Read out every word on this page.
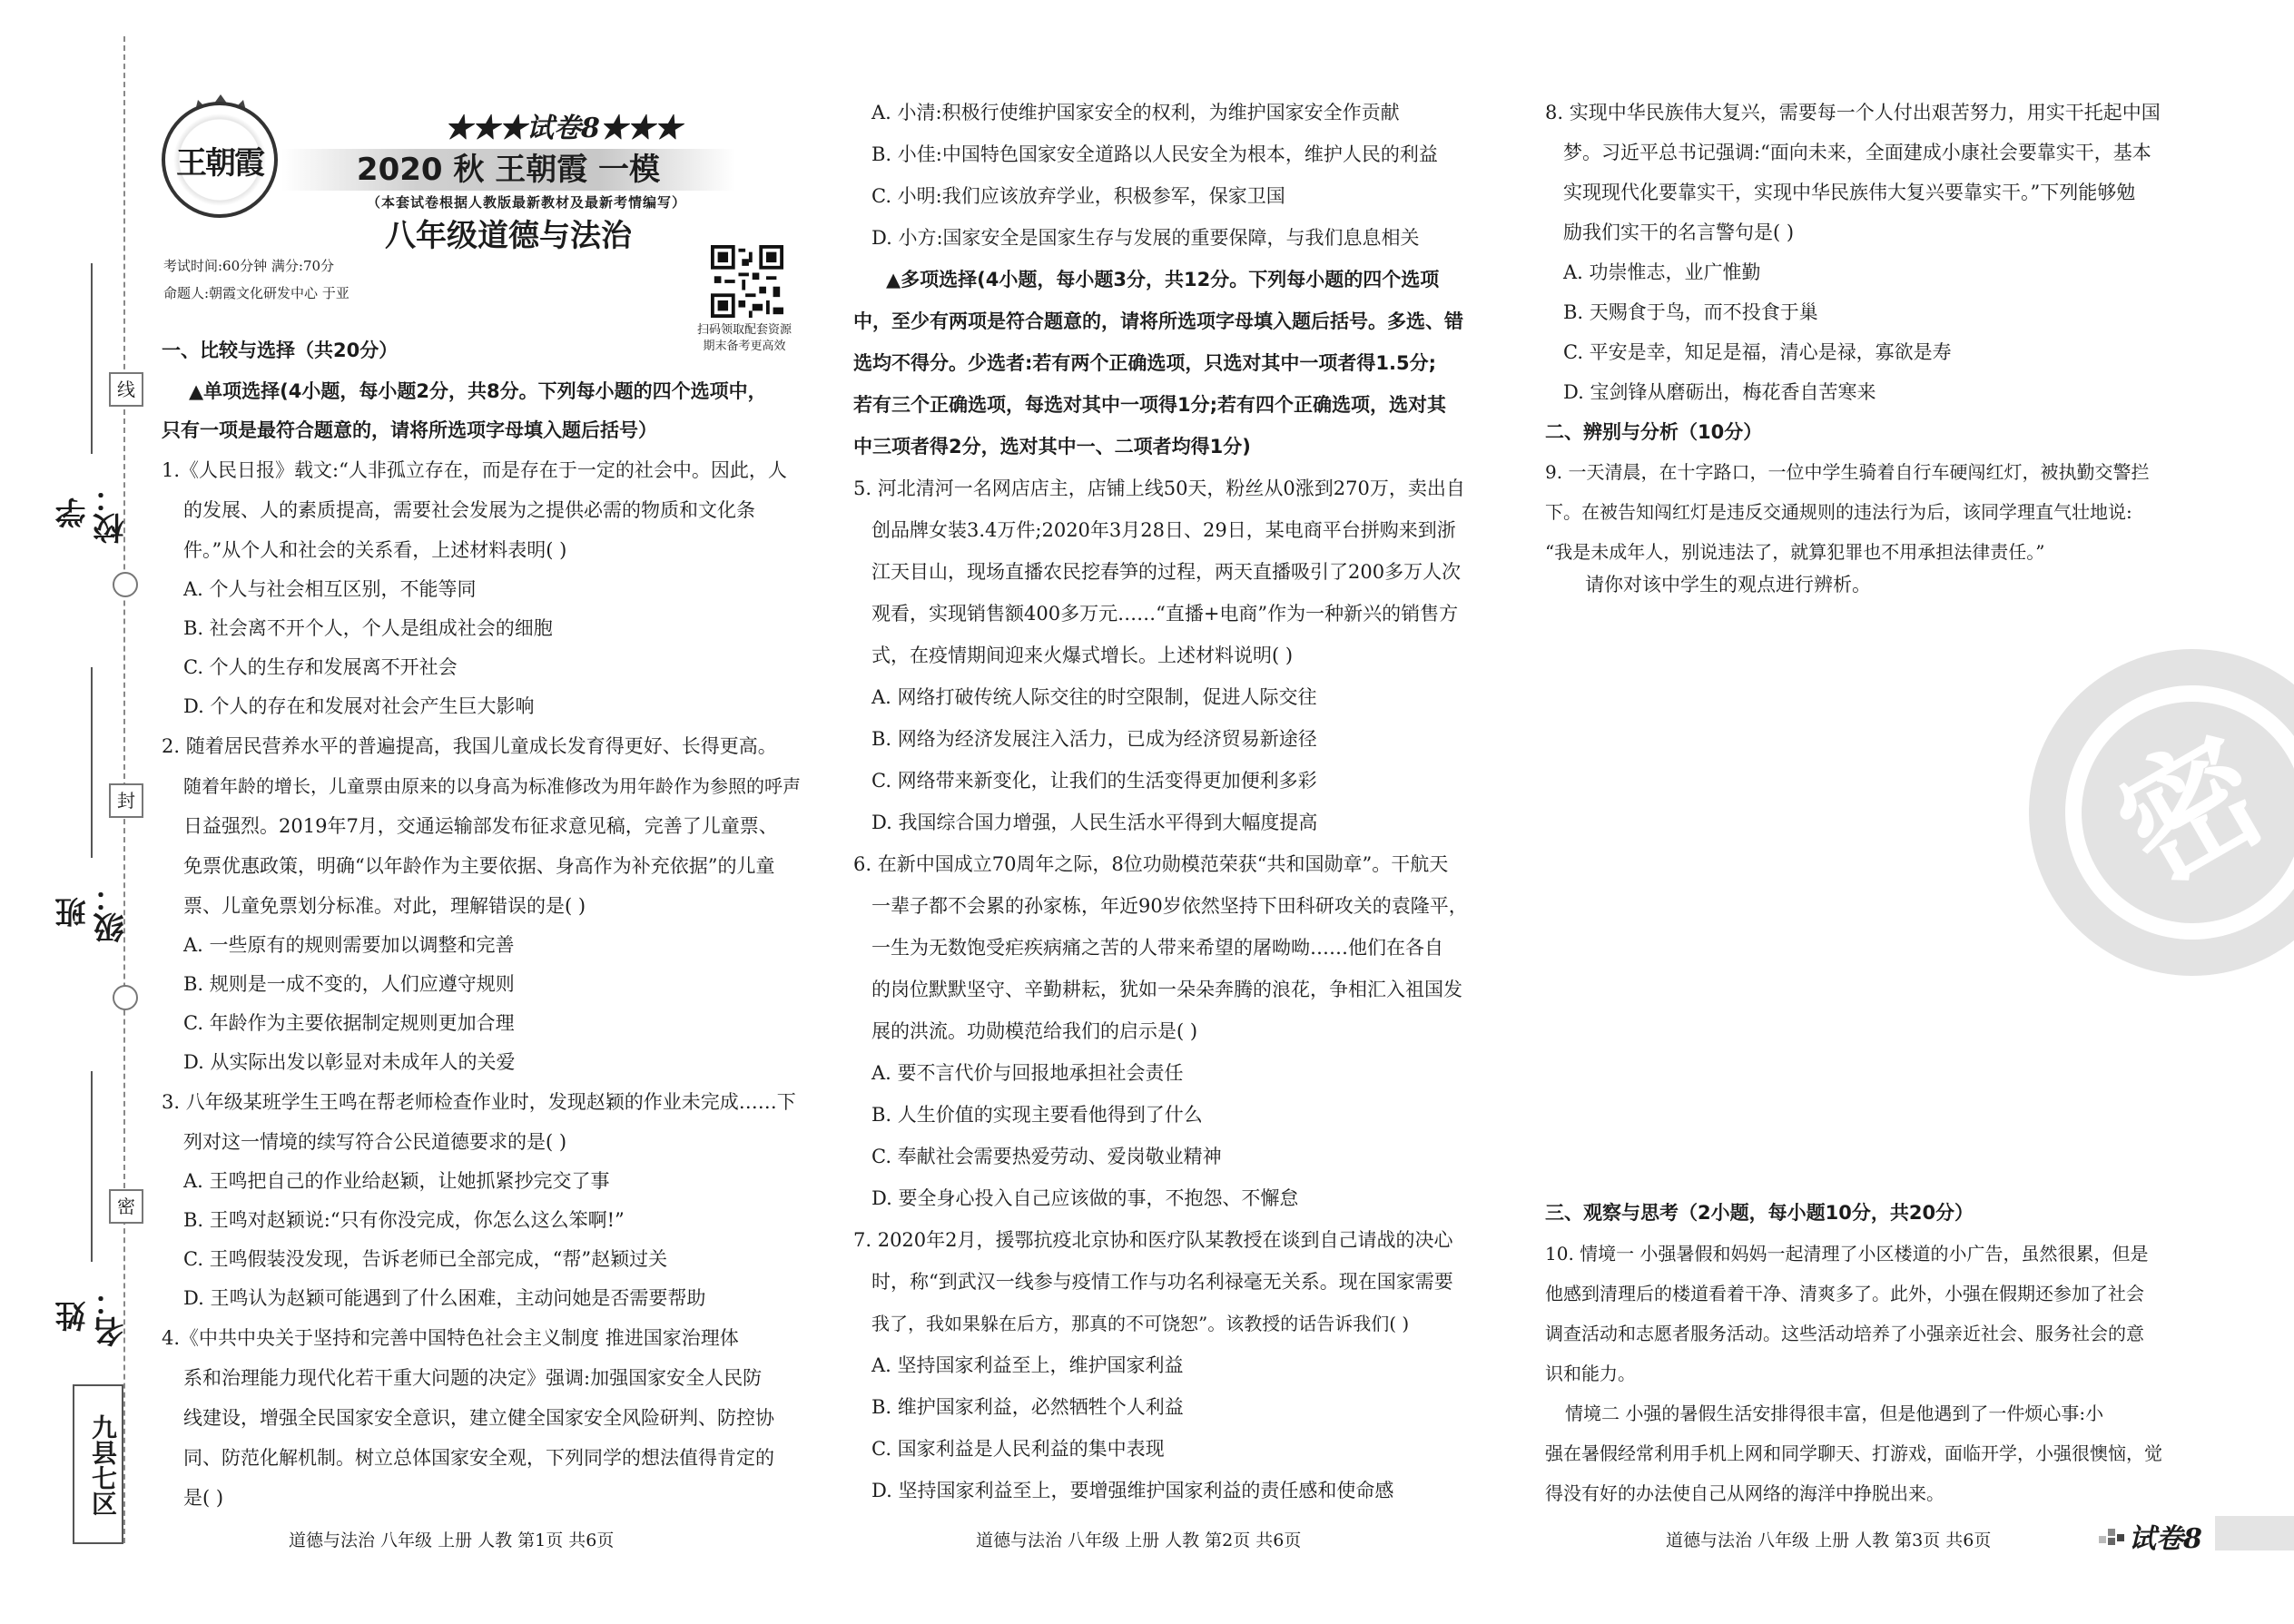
线
封
密
学校：
班级：
姓名：
九县七区
王朝霞
★★★试卷8★★★
2020 秋 王朝霞 一模
（本套试卷根据人教版最新教材及最新考情编写）
八年级道德与法治
考试时间:60分钟 满分:70分
命题人:朝霞文化研发中心 于亚
扫码领取配套资源
期末备考更高效
一、比较与选择（共20分）
▲单项选择(4小题，每小题2分，共8分。下列每小题的四个选项中，
只有一项是最符合题意的，请将所选项字母填入题后括号）
1.《人民日报》载文:“人非孤立存在，而是存在于一定的社会中。因此，人
的发展、人的素质提高，需要社会发展为之提供必需的物质和文化条
件。”从个人和社会的关系看，上述材料表明( )
A. 个人与社会相互区别，不能等同
B. 社会离不开个人，个人是组成社会的细胞
C. 个人的生存和发展离不开社会
D. 个人的存在和发展对社会产生巨大影响
2. 随着居民营养水平的普遍提高，我国儿童成长发育得更好、长得更高。
随着年龄的增长，儿童票由原来的以身高为标准修改为用年龄作为参照的呼声
日益强烈。2019年7月，交通运输部发布征求意见稿，完善了儿童票、
免票优惠政策，明确“以年龄作为主要依据、身高作为补充依据”的儿童
票、儿童免票划分标准。对此，理解错误的是( )
A. 一些原有的规则需要加以调整和完善
B. 规则是一成不变的，人们应遵守规则
C. 年龄作为主要依据制定规则更加合理
D. 从实际出发以彰显对未成年人的关爱
3. 八年级某班学生王鸣在帮老师检查作业时，发现赵颖的作业未完成……下
列对这一情境的续写符合公民道德要求的是( )
A. 王鸣把自己的作业给赵颖，让她抓紧抄完交了事
B. 王鸣对赵颖说:“只有你没完成，你怎么这么笨啊!”
C. 王鸣假装没发现，告诉老师已全部完成，“帮”赵颖过关
D. 王鸣认为赵颖可能遇到了什么困难，主动问她是否需要帮助
4.《中共中央关于坚持和完善中国特色社会主义制度 推进国家治理体
系和治理能力现代化若干重大问题的决定》强调:加强国家安全人民防
线建设，增强全民国家安全意识，建立健全国家安全风险研判、防控协
同、防范化解机制。树立总体国家安全观，下列同学的想法值得肯定的
是( )
A. 小清:积极行使维护国家安全的权利，为维护国家安全作贡献
B. 小佳:中国特色国家安全道路以人民安全为根本，维护人民的利益
C. 小明:我们应该放弃学业，积极参军，保家卫国
D. 小方:国家安全是国家生存与发展的重要保障，与我们息息相关
▲多项选择(4小题，每小题3分，共12分。下列每小题的四个选项
中，至少有两项是符合题意的，请将所选项字母填入题后括号。多选、错
选均不得分。少选者:若有两个正确选项，只选对其中一项者得1.5分;
若有三个正确选项，每选对其中一项得1分;若有四个正确选项，选对其
中三项者得2分，选对其中一、二项者均得1分)
5. 河北清河一名网店店主，店铺上线50天，粉丝从0涨到270万，卖出自
创品牌女装3.4万件;2020年3月28日、29日，某电商平台拼购来到浙
江天目山，现场直播农民挖春笋的过程，两天直播吸引了200多万人次
观看，实现销售额400多万元……“直播+电商”作为一种新兴的销售方
式，在疫情期间迎来火爆式增长。上述材料说明( )
A. 网络打破传统人际交往的时空限制，促进人际交往
B. 网络为经济发展注入活力，已成为经济贸易新途径
C. 网络带来新变化，让我们的生活变得更加便利多彩
D. 我国综合国力增强，人民生活水平得到大幅度提高
6. 在新中国成立70周年之际，8位功勋模范荣获“共和国勋章”。干航天
一辈子都不会累的孙家栋，年近90岁依然坚持下田科研攻关的袁隆平，
一生为无数饱受疟疾病痛之苦的人带来希望的屠呦呦……他们在各自
的岗位默默坚守、辛勤耕耘，犹如一朵朵奔腾的浪花，争相汇入祖国发
展的洪流。功勋模范给我们的启示是( )
A. 要不言代价与回报地承担社会责任
B. 人生价值的实现主要看他得到了什么
C. 奉献社会需要热爱劳动、爱岗敬业精神
D. 要全身心投入自己应该做的事，不抱怨、不懈怠
7. 2020年2月，援鄂抗疫北京协和医疗队某教授在谈到自己请战的决心
时，称“到武汉一线参与疫情工作与功名利禄毫无关系。现在国家需要
我了，我如果躲在后方，那真的不可饶恕”。该教授的话告诉我们( )
A. 坚持国家利益至上，维护国家利益
B. 维护国家利益，必然牺牲个人利益
C. 国家利益是人民利益的集中表现
D. 坚持国家利益至上，要增强维护国家利益的责任感和使命感
8. 实现中华民族伟大复兴，需要每一个人付出艰苦努力，用实干托起中国
梦。习近平总书记强调:“面向未来，全面建成小康社会要靠实干，基本
实现现代化要靠实干，实现中华民族伟大复兴要靠实干。”下列能够勉
励我们实干的名言警句是( )
A. 功崇惟志，业广惟勤
B. 天赐食于鸟，而不投食于巢
C. 平安是幸，知足是福，清心是禄，寡欲是寿
D. 宝剑锋从磨砺出，梅花香自苦寒来
二、辨别与分析（10分）
9. 一天清晨，在十字路口，一位中学生骑着自行车硬闯红灯，被执勤交警拦
下。在被告知闯红灯是违反交通规则的违法行为后，该同学理直气壮地说:
“我是未成年人，别说违法了，就算犯罪也不用承担法律责任。”
请你对该中学生的观点进行辨析。
密
三、观察与思考（2小题，每小题10分，共20分）
10. 情境一 小强暑假和妈妈一起清理了小区楼道的小广告，虽然很累，但是
他感到清理后的楼道看着干净、清爽多了。此外，小强在假期还参加了社会
调查活动和志愿者服务活动。这些活动培养了小强亲近社会、服务社会的意
识和能力。
情境二 小强的暑假生活安排得很丰富，但是他遇到了一件烦心事:小
强在暑假经常利用手机上网和同学聊天、打游戏，面临开学，小强很懊恼，觉
得没有好的办法使自己从网络的海洋中挣脱出来。
道德与法治 八年级 上册 人教 第1页 共6页	道德与法治 八年级 上册 人教 第2页 共6页	道德与法治 八年级 上册 人教 第3页 共6页	试卷8
